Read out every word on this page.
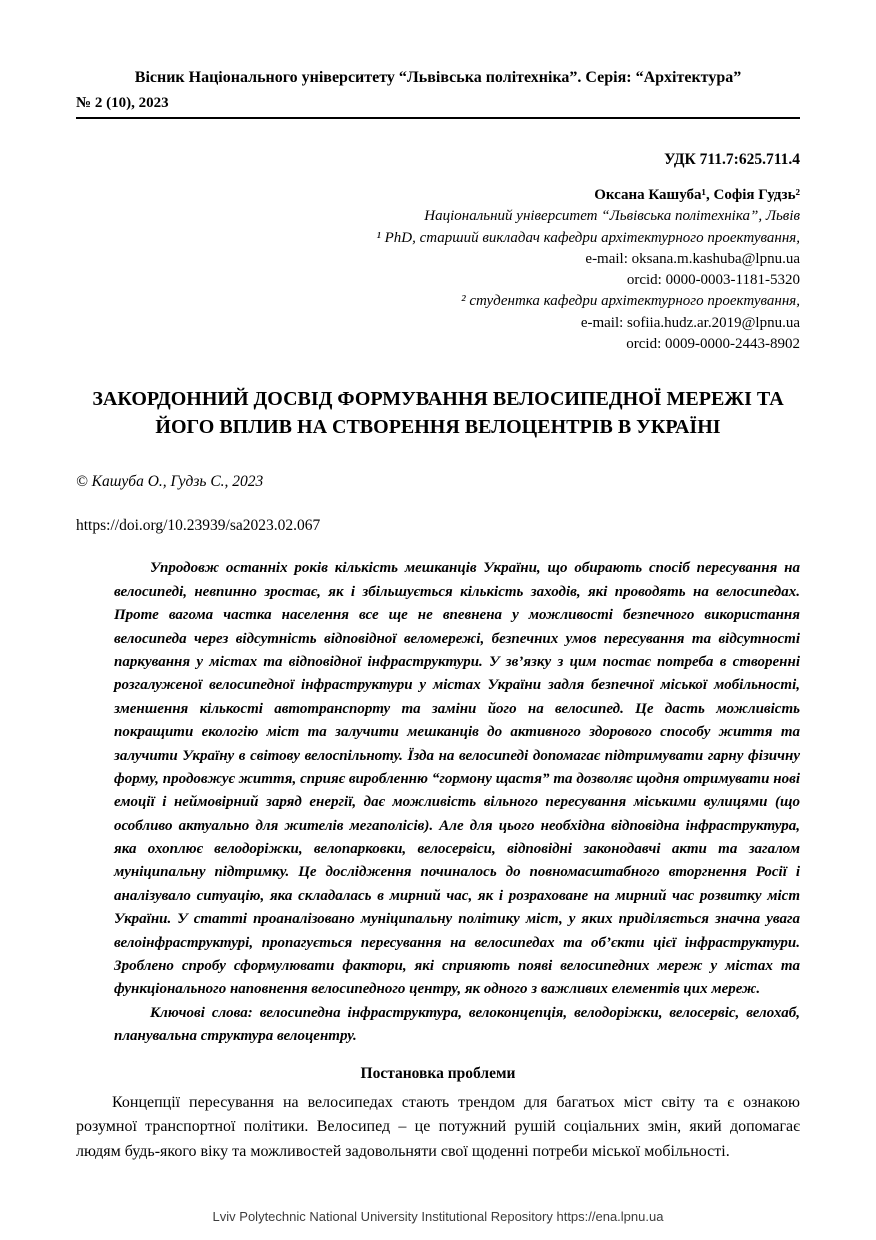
Вісник Національного університету “Львівська політехніка”. Серія: “Архітектура”
№ 2 (10), 2023
УДК 711.7:625.711.4
Оксана Кашуба¹, Софія Гудзь²
Національний університет “Львівська політехніка”, Львів
¹ PhD, старший викладач кафедри архітектурного проектування,
e-mail: oksana.m.kashuba@lpnu.ua
orcid: 0000-0003-1181-5320
² студентка кафедри архітектурного проектування,
e-mail: sofiia.hudz.ar.2019@lpnu.ua
orcid: 0009-0000-2443-8902
ЗАКОРДОННИЙ ДОСВІД ФОРМУВАННЯ ВЕЛОСИПЕДНОЇ МЕРЕЖІ ТА ЙОГО ВПЛИВ НА СТВОРЕННЯ ВЕЛОЦЕНТРІВ В УКРАЇНІ
© Кашуба О., Гудзь С., 2023
https://doi.org/10.23939/sa2023.02.067

Упродовж останніх років кількість мешканців України, що обирають спосіб пересування на велосипеді, невпинно зростає, як і збільшується кількість заходів, які проводять на велосипедах. Проте вагома частка населення все ще не впевнена у можливості безпечного використання велосипеда через відсутність відповідної веломережі, безпечних умов пересування та відсутності паркування у містах та відповідної інфраструктури. У зв’язку з цим постає потреба в створенні розгалуженої велосипедної інфраструктури у містах України задля безпечної міської мобільності, зменшення кількості автотранспорту та заміни його на велосипед. Це дасть можливість покращити екологію міст та залучити мешканців до активного здорового способу життя та залучити Україну в світову велоспільноту. Їзда на велосипеді допомагає підтримувати гарну фізичну форму, продовжує життя, сприяє виробленню “гормону щастя” та дозволяє щодня отримувати нові емоції і неймовірний заряд енергії, дає можливість вільного пересування міськими вулицями (що особливо актуально для жителів мегаполісів). Але для цього необхідна відповідна інфраструктура, яка охоплює велодоріжки, велопарковки, велосервіси, відповідні законодавчі акти та загалом муніципальну підтримку. Це дослідження починалось до повномасштабного вторгнення Росії і аналізувало ситуацію, яка складалась в мирний час, як і розраховане на мирний час розвитку міст України. У статті проаналізовано муніципальну політику міст, у яких приділяється значна увага велоінфраструктурі, пропагується пересування на велосипедах та об’єкти цієї інфраструктури. Зроблено спробу сформулювати фактори, які сприяють появі велосипедних мереж у містах та функціонального наповнення велосипедного центру, як одного з важливих елементів цих мереж.

Ключові слова: велосипедна інфраструктура, велоконцепція, велодоріжки, велосервіс, велохаб, планувальна структура велоцентру.

Постановка проблеми
Концепції пересування на велосипедах стають трендом для багатьох міст світу та є ознакою розумної транспортної політики. Велосипед – це потужний рушій соціальних змін, який допомагає людям будь-якого віку та можливостей задовольняти свої щоденні потреби міської мобільності.
Lviv Polytechnic National University Institutional Repository https://ena.lpnu.ua
